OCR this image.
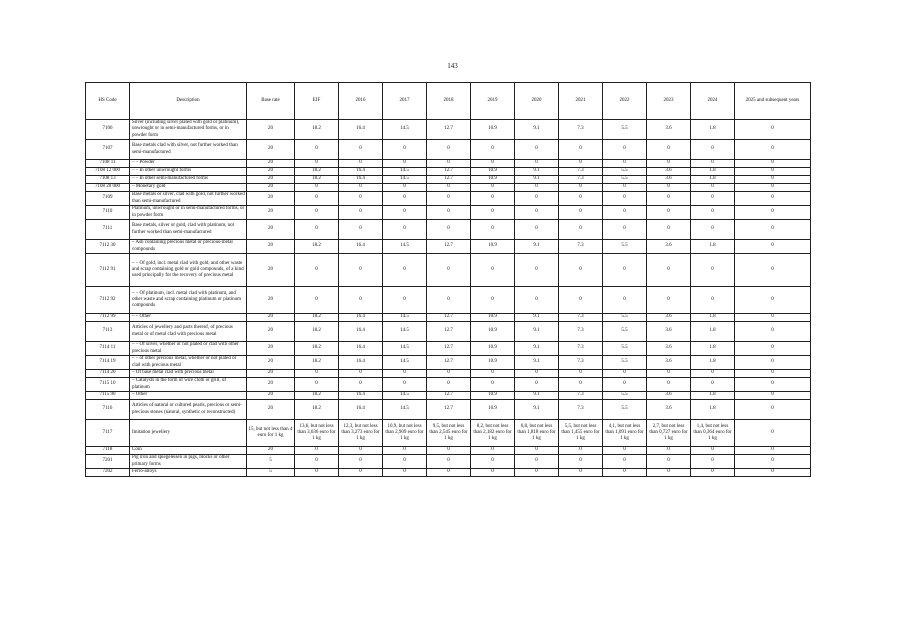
143
HS Code	Description	Base rate	EIF	2016	2017	2018	2019	2020	2021	2022	2023	2024	2025 and subsequent years
7106	Silver (including silver plated with gold or platinum), unwrought or in semi-manufactured forms, or in powder form	20	18.2	16.4	14.5	12.7	10.9	9.1	7.3	5.5	3.6	1.8	0
7107	Base metals clad with silver, not further worked than semi-manufactured	20	0	0	0	0	0	0	0	0	0	0	0
7108 11	– – Powder	20	0	0	0	0	0	0	0	0	0	0	0
7108 12 000	– – In other unwrought forms	20	18.2	16.4	14.5	12.7	10.9	9.1	7.3	5.5	3.6	1.8	0
7108 13	– – In other semi-manufactured forms	20	18.2	16.4	14.5	12.7	10.9	9.1	7.3	5.5	3.6	1.8	0
7108 20 000	– Monetary gold	20	0	0	0	0	0	0	0	0	0	0	0
7109	Base metals or silver, clad with gold, not further worked than semi-manufactured	20	0	0	0	0	0	0	0	0	0	0	0
7110	Platinum, unwrought or in semi-manufactured forms, or in powder form	20	0	0	0	0	0	0	0	0	0	0	0
7111	Base metals, silver or gold, clad with platinum, not further worked than semi-manufactured	20	0	0	0	0	0	0	0	0	0	0	0
7112 30	– Ash containing precious metal or precious-metal compounds	20	18.2	16.4	14.5	12.7	10.9	9.1	7.3	5.5	3.6	1.8	0
7112 91	– – Of gold, incl. metal clad with gold, and other waste and scrap containing gold or gold compounds, of a kind used principally for the recovery of precious metal	20	0	0	0	0	0	0	0	0	0	0	0
7112 92	– – Of platinum, incl. metal clad with platinum, and other waste and scrap containing platinum or platinum compounds	20	0	0	0	0	0	0	0	0	0	0	0
7112 99	– – Other	20	18.2	16.4	14.5	12.7	10.9	9.1	7.3	5.5	3.6	1.8	0
7113	Articles of jewellery and parts thereof, of precious metal or of metal clad with precious metal	20	18.2	16.4	14.5	12.7	10.9	9.1	7.3	5.5	3.6	1.8	0
7114 11	– – Of silver, whether or not plated or clad with other precious metal	20	18.2	16.4	14.5	12.7	10.9	9.1	7.3	5.5	3.6	1.8	0
7114 19	– – of other precious metal, whether or not plated or clad with precious metal	20	18.2	16.4	14.5	12.7	10.9	9.1	7.3	5.5	3.6	1.8	0
7114 20	– Of base metal clad with precious metal	20	0	0	0	0	0	0	0	0	0	0	0
7115 10	– Catalysts in the form of wire cloth or grill, of platinum	20	0	0	0	0	0	0	0	0	0	0	0
7115 90	– Other	20	18.2	16.4	14.5	12.7	10.9	9.1	7.3	5.5	3.6	1.8	0
7116	Articles of natural or cultured pearls, precious or semi-precious stones (natural, synthetic or reconstructed)	20	18.2	16.4	14.5	12.7	10.9	9.1	7.3	5.5	3.6	1.8	0
7117	Imitation jewellery	15, but not less than 4 euro for 1 kg	13,6, but not less than 3,636 euro for 1 kg	12,3, but not less than 3,273 euro for 1 kg	10,9, but not less than 2,909 euro for 1 kg	9,5, but not less than 2,545 euro for 1 kg	8,2, but not less than 2,182 euro for 1 kg	6,8, but not less than 1,818 euro for 1 kg	5,5, but not less than 1,455 euro for 1 kg	4,1, but not less than 1,091 euro for 1 kg	2,7, but not less than 0,727 euro for 1 kg	1,4, but not less than 0,364 euro for 1 kg	0
7118	Coin	20	0	0	0	0	0	0	0	0	0	0	0
7201	Pig iron and spiegeleisen in pigs, blocks or other primary forms	5	0	0	0	0	0	0	0	0	0	0	0
7202	Ferro-alloys	5	0	0	0	0	0	0	0	0	0	0	0
